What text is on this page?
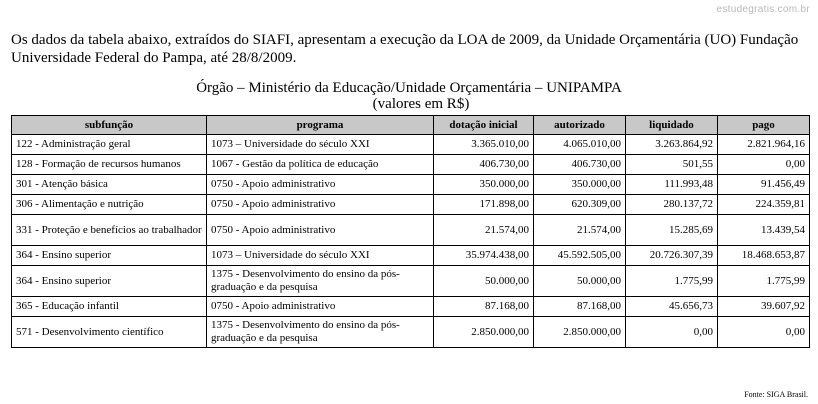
estudegratis.com.br
Os dados da tabela abaixo, extraídos do SIAFI, apresentam a execução da LOA de 2009, da Unidade Orçamentária (UO) Fundação Universidade Federal do Pampa, até 28/8/2009.
Órgão – Ministério da Educação/Unidade Orçamentária – UNIPAMPA
(valores em R$)
subfunção	programa	dotação inicial	autorizado	liquidado	pago
122 - Administração geral	1073 – Universidade do século XXI	3.365.010,00	4.065.010,00	3.263.864,92	2.821.964,16
128 - Formação de recursos humanos	1067 - Gestão da política de educação	406.730,00	406.730,00	501,55	0,00
301 - Atenção básica	0750 - Apoio administrativo	350.000,00	350.000,00	111.993,48	91.456,49
306 - Alimentação e nutrição	0750 - Apoio administrativo	171.898,00	620.309,00	280.137,72	224.359,81
331 - Proteção e benefícios ao trabalhador	0750 - Apoio administrativo	21.574,00	21.574,00	15.285,69	13.439,54
364 - Ensino superior	1073 – Universidade do século XXI	35.974.438,00	45.592.505,00	20.726.307,39	18.468.653,87
364 - Ensino superior	1375 - Desenvolvimento do ensino da pós-graduação e da pesquisa	50.000,00	50.000,00	1.775,99	1.775,99
365 - Educação infantil	0750 - Apoio administrativo	87.168,00	87.168,00	45.656,73	39.607,92
571 - Desenvolvimento científico	1375 - Desenvolvimento do ensino da pós-graduação e da pesquisa	2.850.000,00	2.850.000,00	0,00	0,00
Fonte: SIGA Brasil.
